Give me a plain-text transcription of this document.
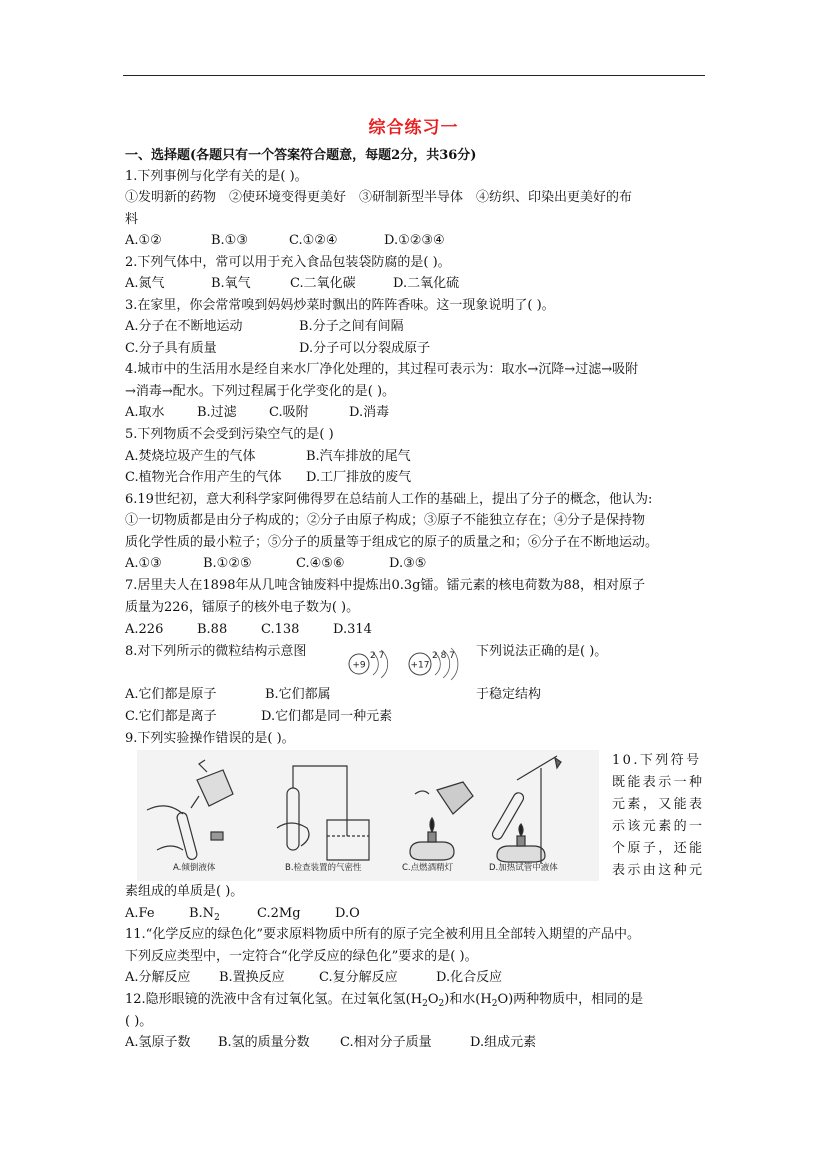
综合练习一
一、选择题(各题只有一个答案符合题意，每题2分，共36分)
1.下列事例与化学有关的是( )。
①发明新的药物　②使环境变得更美好　③研制新型半导体　④纺织、印染出更美好的布
料
A.①②	B.①③	C.①②④	D.①②③④
2.下列气体中，常可以用于充入食品包装袋防腐的是( )。
A.氮气	B.氧气	C.二氧化碳	D.二氧化硫
3.在家里，你会常常嗅到妈妈炒菜时飘出的阵阵香味。这一现象说明了( )。
A.分子在不断地运动	B.分子之间有间隔
C.分子具有质量	D.分子可以分裂成原子
4.城市中的生活用水是经自来水厂净化处理的，其过程可表示为：取水→沉降→过滤→吸附
→消毒→配水。下列过程属于化学变化的是( )。
A.取水 B.过滤 C.吸附	D.消毒
5.下列物质不会受到污染空气的是( )
A.焚烧垃圾产生的气体	B.汽车排放的尾气
C.植物光合作用产生的气体 D.工厂排放的废气
6.19世纪初，意大利科学家阿佛得罗在总结前人工作的基础上，提出了分子的概念，他认为:
①一切物质都是由分子构成的；②分子由原子构成；③原子不能独立存在；④分子是保持物
质化学性质的最小粒子；⑤分子的质量等于组成它的原子的质量之和；⑥分子在不断地运动。
A.①③	B.①②⑤	C.④⑤⑥	D.③⑤
7.居里夫人在1898年从几吨含铀废料中提炼出0.3g镭。镭元素的核电荷数为88，相对原子
质量为226，镭原子的核外电子数为( )。
A.226	B.88	C.138	D.314
8.对下列所示的微粒结构示意图
+9
2 7
+17
2 8 7 下列说法正确的是( )。
A.它们都是原子	B.它们都属	于稳定结构
C.它们都是离子	D.它们都是同一种元素
9.下列实验操作错误的是( )。
A.倾倒液体	B.检查装置的气密性	C.点燃酒精灯	D.加热试管中液体
10.下列符号
既能表示一种
元素，又能表
示该元素的一
个原子，还能
表示由这种元
素组成的单质是( )。
A.Fe	$B.N_2$	C.2Mg	D.O
11.“化学反应的绿色化”要求原料物质中所有的原子完全被利用且全部转入期望的产品中。
下列反应类型中，一定符合“化学反应的绿色化”要求的是( )。
A.分解反应 B.置换反应	C.复分解反应	D.化合反应
12.隐形眼镜的洗液中含有过氧化氢。在过氧化氢$(H_2O_2)$和水$(H_2O)$两种物质中，相同的是
( )。
A.氢原子数 B.氢的质量分数 C.相对分子质量	D.组成元素
